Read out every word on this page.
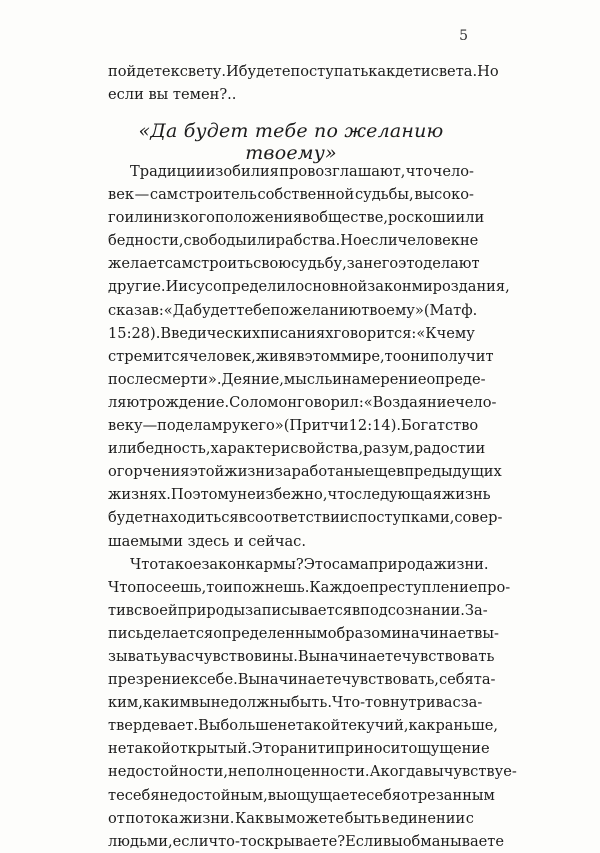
5
пойдете к свету. И будете поступать как дети света. Но
если вы темен?..
«Да будет тебе по желанию твоему»
Традиции изобилия провозглашают, что чело-
век — сам строитель собственной судьбы, высоко-
го или низкого положения в обществе, роскоши или
бедности, свободы или рабства. Но если человек не
желает сам строить свою судьбу, за него это делают
другие. Иисус определил основной закон мироздания,
сказав: «Да будет тебе по желанию твоему» (Матф.
15:28). В ведических писаниях говорится: «К чему
стремится человек, живя в этом мире, то он и получит
после смерти». Деяние, мысль и намерение опреде-
ляют рождение. Соломон говорил: «Воздаяние чело-
веку — по делам рук его» (Притчи 12:14). Богатство
или бедность, характер и свойства, разум, радости и
огорчения этой жизни заработаны еще в предыдущих
жизнях. Поэтому неизбежно, что следующая жизнь
будет находиться в соответствии с поступками, совер-
шаемыми здесь и сейчас.
Что такое закон кармы? Это сама природа жизни.
Что посеешь, то и пожнешь. Каждое преступление про-
тив своей природы записывается в подсознании. За-
пись делается определенным образом и начинает вы-
зывать у вас чувство вины. Вы начинаете чувствовать
презрение к себе. Вы начинаете чувствовать, себя та-
ким, каким вы не должны быть. Что-то внутри вас за-
твердевает. Вы больше не такой текучий, как раньше,
не такой открытый. Это ранит и приносит ощущение
недостойности, неполноценности. А когда вы чувствуе-
те себя недостойным, вы ощущаете себя отрезанным
от потока жизни. Как вы можете быть в единении с
людьми, если что-то скрываете? Если вы обманываете
